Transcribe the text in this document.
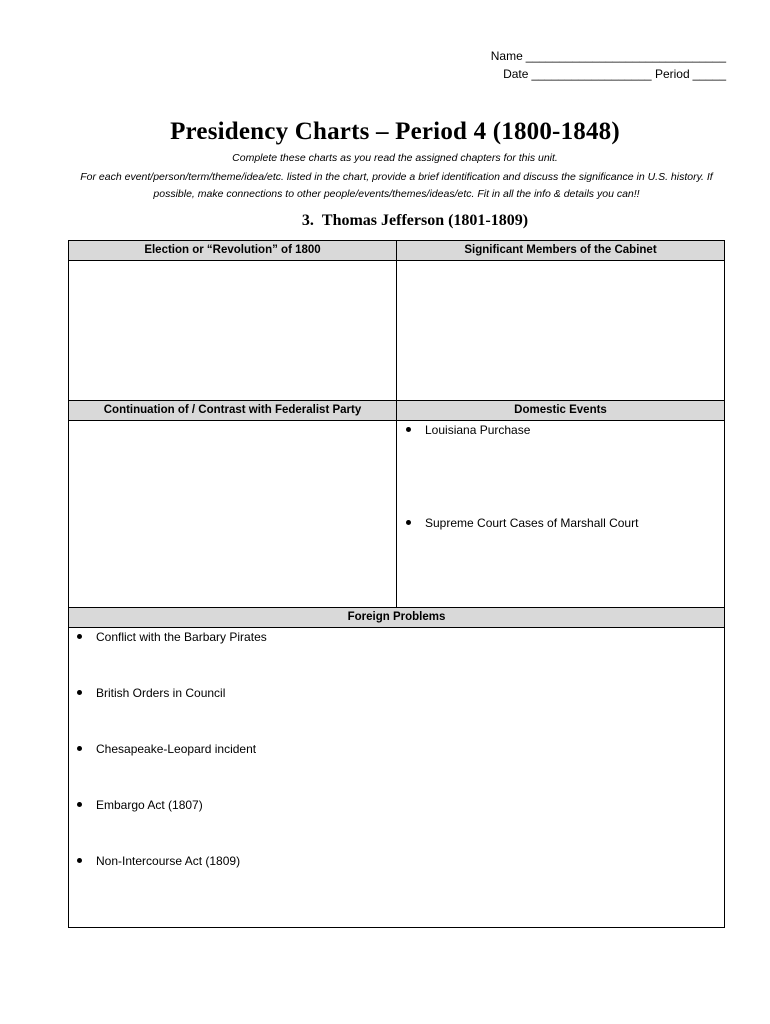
Name ______________________________
Date __________________ Period _____
Presidency Charts – Period 4 (1800-1848)
Complete these charts as you read the assigned chapters for this unit.
For each event/person/term/theme/idea/etc. listed in the chart, provide a brief identification and discuss the significance in U.S. history. If possible, make connections to other people/events/themes/ideas/etc. Fit in all the info & details you can!!
3. Thomas Jefferson (1801-1809)
Election or “Revolution” of 1800	Significant Members of the Cabinet
Continuation of / Contrast with Federalist Party	Domestic Events
Louisiana Purchase
Supreme Court Cases of Marshall Court
Foreign Problems
Conflict with the Barbary Pirates
British Orders in Council
Chesapeake-Leopard incident
Embargo Act (1807)
Non-Intercourse Act (1809)
